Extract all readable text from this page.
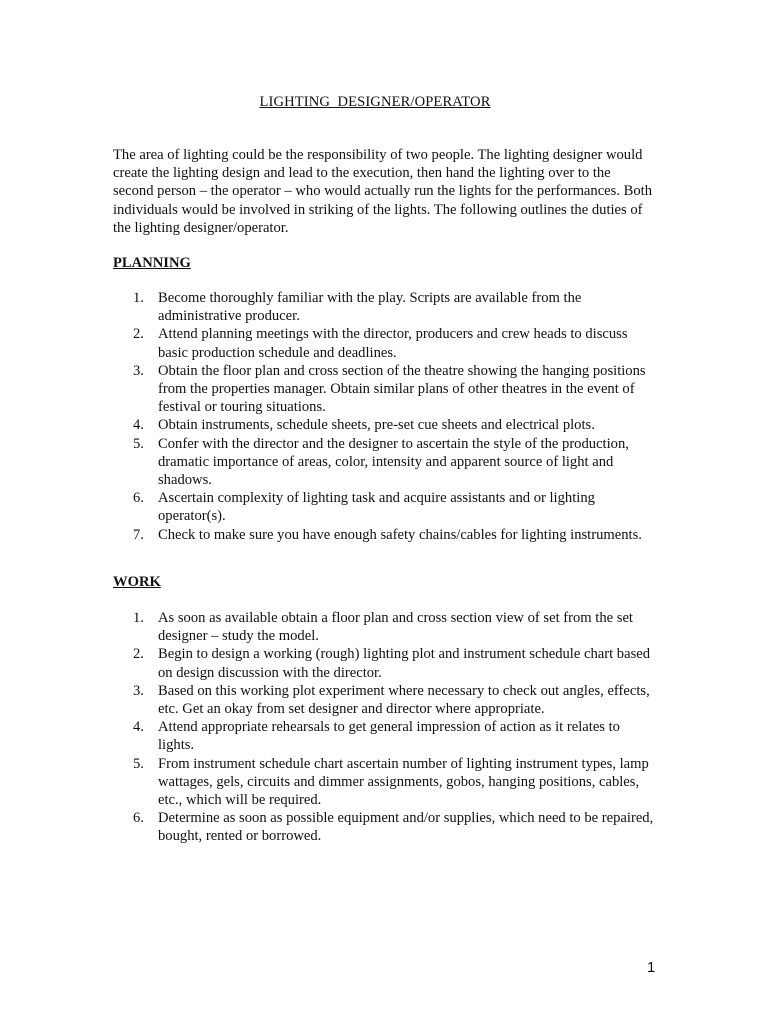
LIGHTING  DESIGNER/OPERATOR

The area of lighting could be the responsibility of two people. The lighting designer would create the lighting design and lead to the execution, then hand the lighting over to the second person – the operator – who would actually run the lights for the performances. Both individuals would be involved in striking of the lights. The following outlines the duties of the lighting designer/operator.

PLANNING
1. Become thoroughly familiar with the play. Scripts are available from the administrative producer.
2. Attend planning meetings with the director, producers and crew heads to discuss basic production schedule and deadlines.
3. Obtain the floor plan and cross section of the theatre showing the hanging positions from the properties manager. Obtain similar plans of other theatres in the event of festival or touring situations.
4. Obtain instruments, schedule sheets, pre-set cue sheets and electrical plots.
5. Confer with the director and the designer to ascertain the style of the production, dramatic importance of areas, color, intensity and apparent source of light and shadows.
6. Ascertain complexity of lighting task and acquire assistants and or lighting operator(s).
7. Check to make sure you have enough safety chains/cables for lighting instruments.
WORK
1. As soon as available obtain a floor plan and cross section view of set from the set designer – study the model.
2. Begin to design a working (rough) lighting plot and instrument schedule chart based on design discussion with the director.
3. Based on this working plot experiment where necessary to check out angles, effects, etc. Get an okay from set designer and director where appropriate.
4. Attend appropriate rehearsals to get general impression of action as it relates to lights.
5. From instrument schedule chart ascertain number of lighting instrument types, lamp wattages, gels, circuits and dimmer assignments, gobos, hanging positions, cables, etc., which will be required.
6. Determine as soon as possible equipment and/or supplies, which need to be repaired, bought, rented or borrowed.
1
